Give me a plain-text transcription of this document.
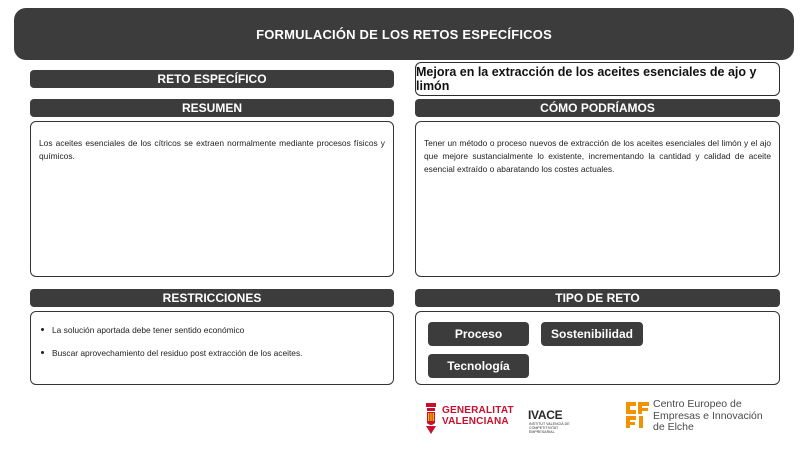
FORMULACIÓN DE LOS RETOS ESPECÍFICOS
RETO ESPECÍFICO
RESUMEN
Mejora en la extracción de los aceites esenciales de ajo y limón
CÓMO PODRÍAMOS

Los aceites esenciales de los cítricos se extraen normalmente mediante procesos físicos y químicos.

Tener un método o proceso nuevos de extracción de los aceites esenciales del limón y el ajo que mejore sustancialmente lo existente, incrementando la cantidad y calidad de aceite esencial extraído o abaratando los costes actuales.

RESTRICCIONES
La solución aportada debe tener sentido económico
Buscar aprovechamiento del residuo post extracción de los aceites.
TIPO DE RETO
Proceso	Sostenibilidad
Tecnología
GENERALITAT
VALENCIANA	IVACE
INSTITUT VALENCIÀ DE COMPETITIVITAT EMPRESARIAL
Centro Europeo de
Empresas e Innovación
de Elche
